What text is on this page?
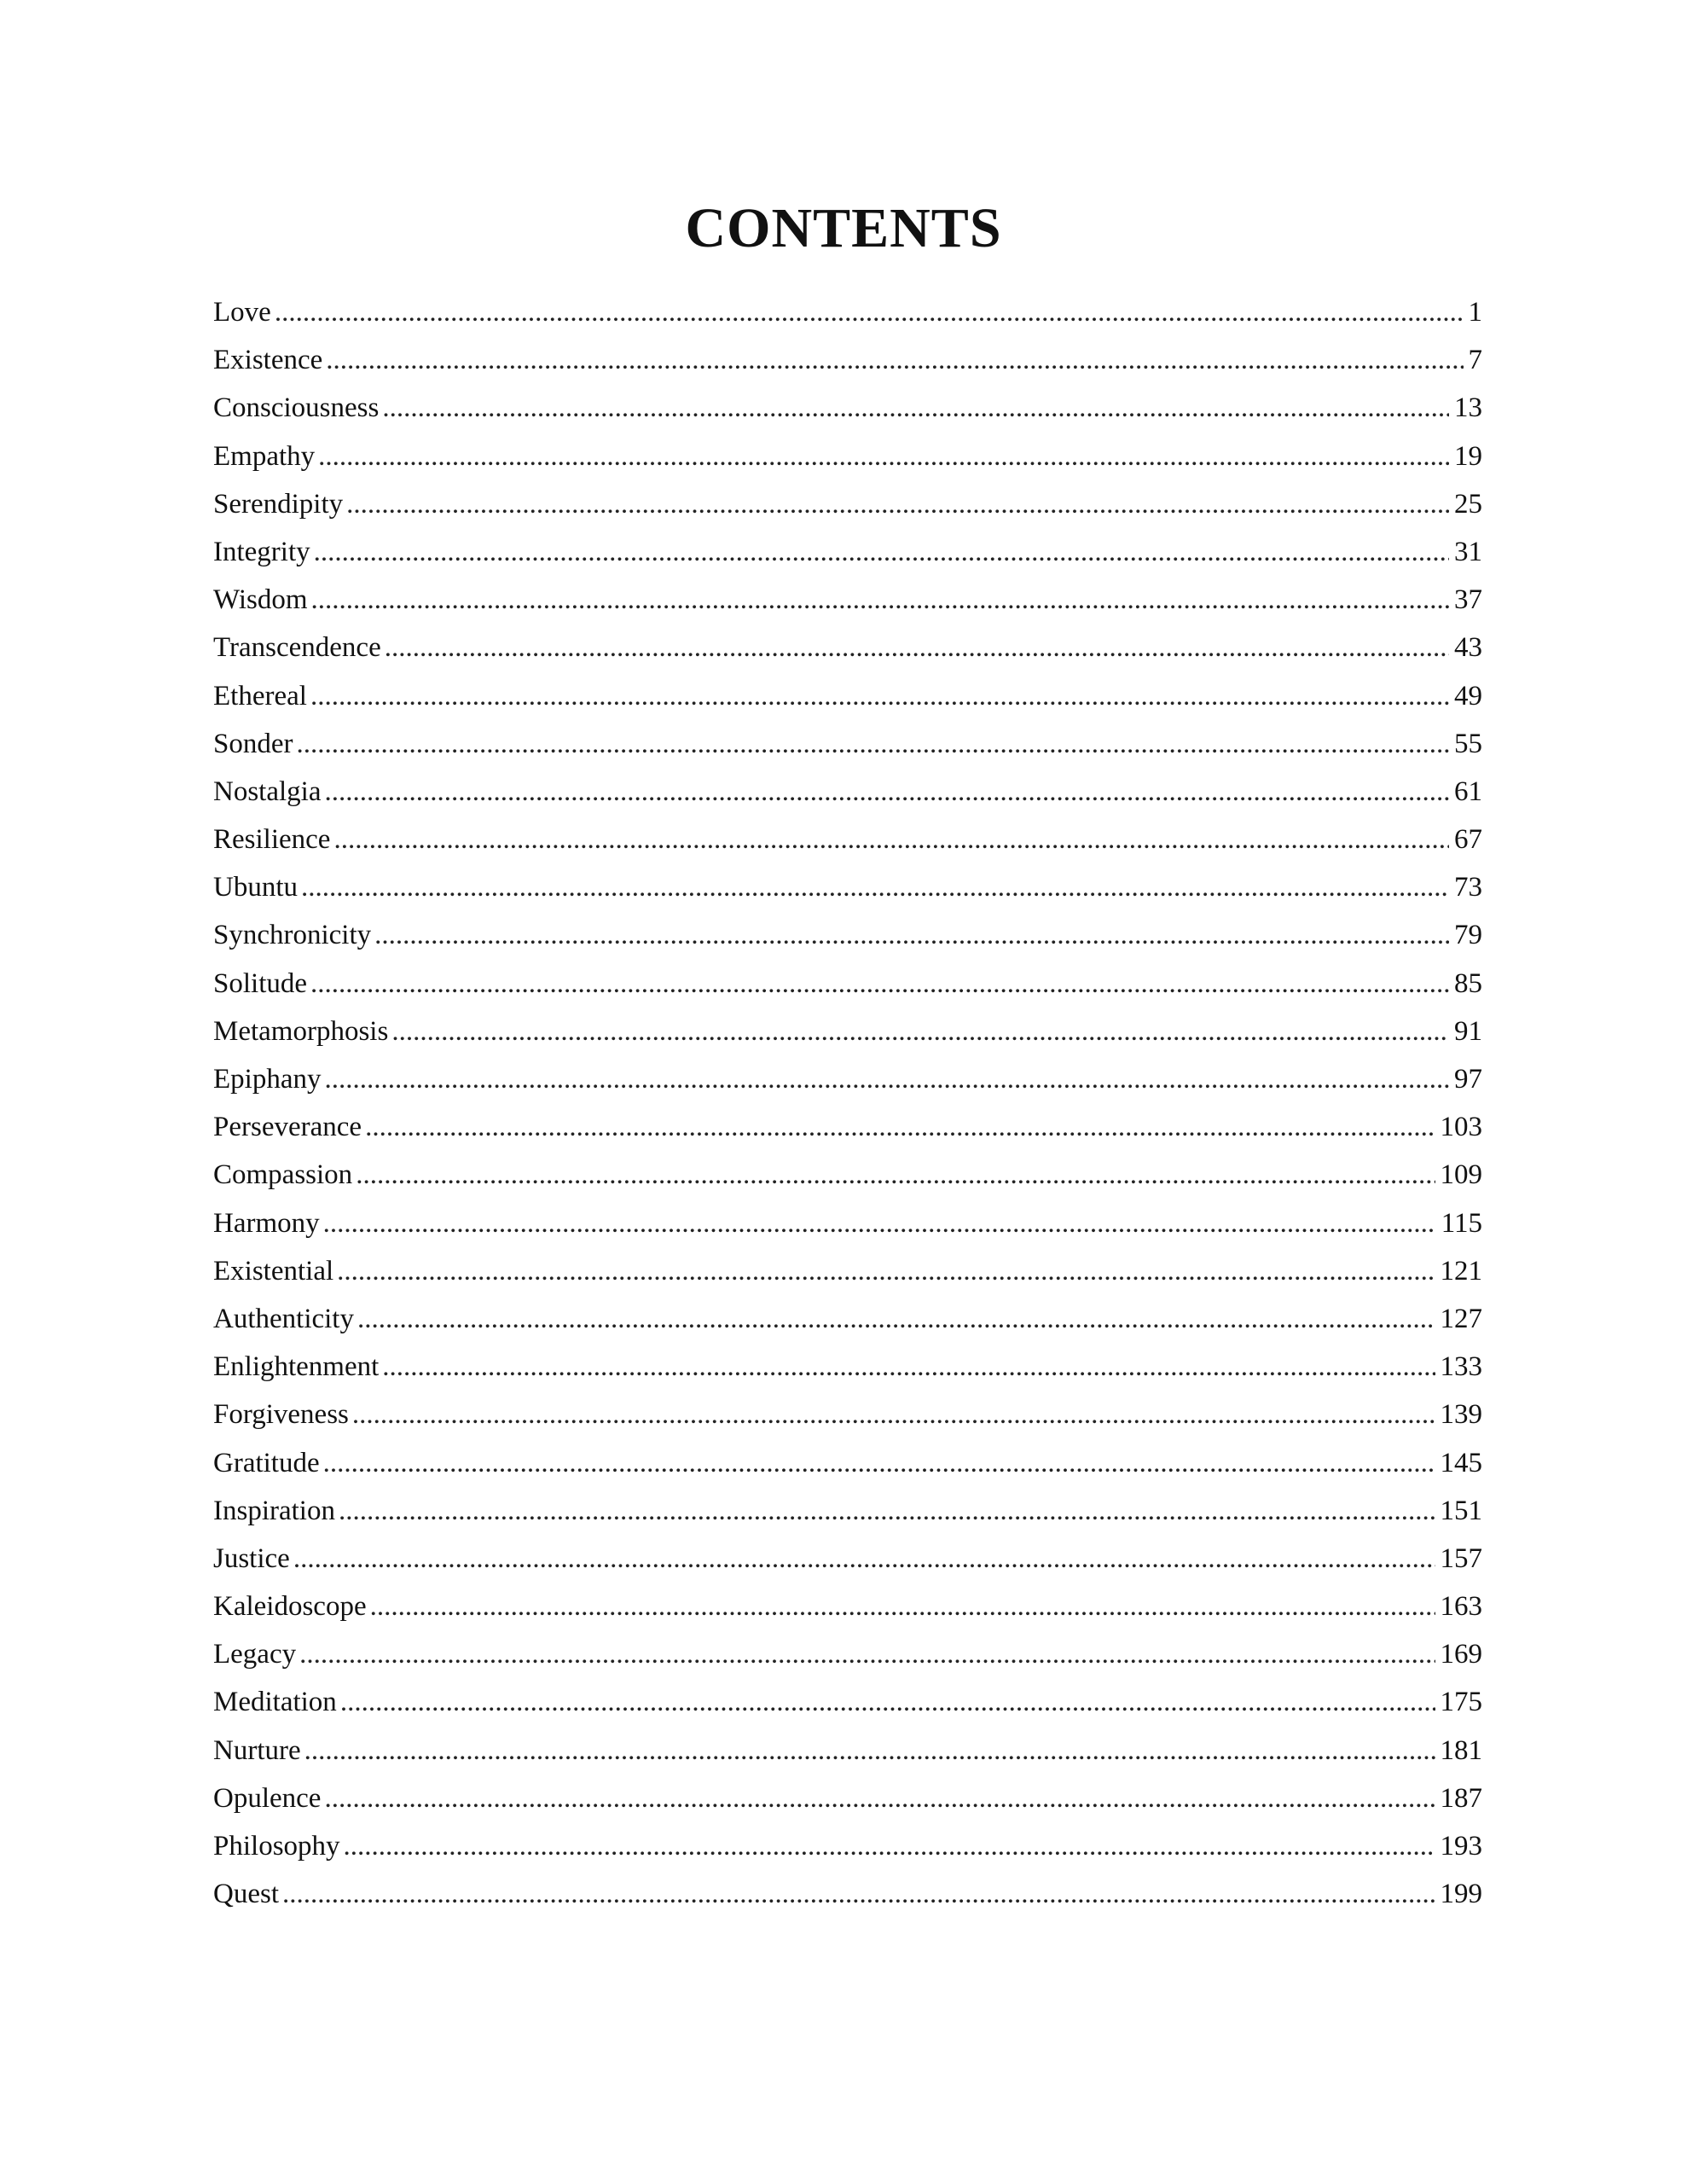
CONTENTS
Love .....	1
Existence .....	7
Consciousness .....	13
Empathy .....	19
Serendipity .....	25
Integrity .....	31
Wisdom .....	37
Transcendence .....	43
Ethereal .....	49
Sonder .....	55
Nostalgia .....	61
Resilience .....	67
Ubuntu .....	73
Synchronicity .....	79
Solitude .....	85
Metamorphosis .....	91
Epiphany .....	97
Perseverance .....	103
Compassion .....	109
Harmony .....	115
Existential .....	121
Authenticity .....	127
Enlightenment .....	133
Forgiveness .....	139
Gratitude .....	145
Inspiration .....	151
Justice .....	157
Kaleidoscope .....	163
Legacy .....	169
Meditation .....	175
Nurture .....	181
Opulence .....	187
Philosophy .....	193
Quest .....	199
